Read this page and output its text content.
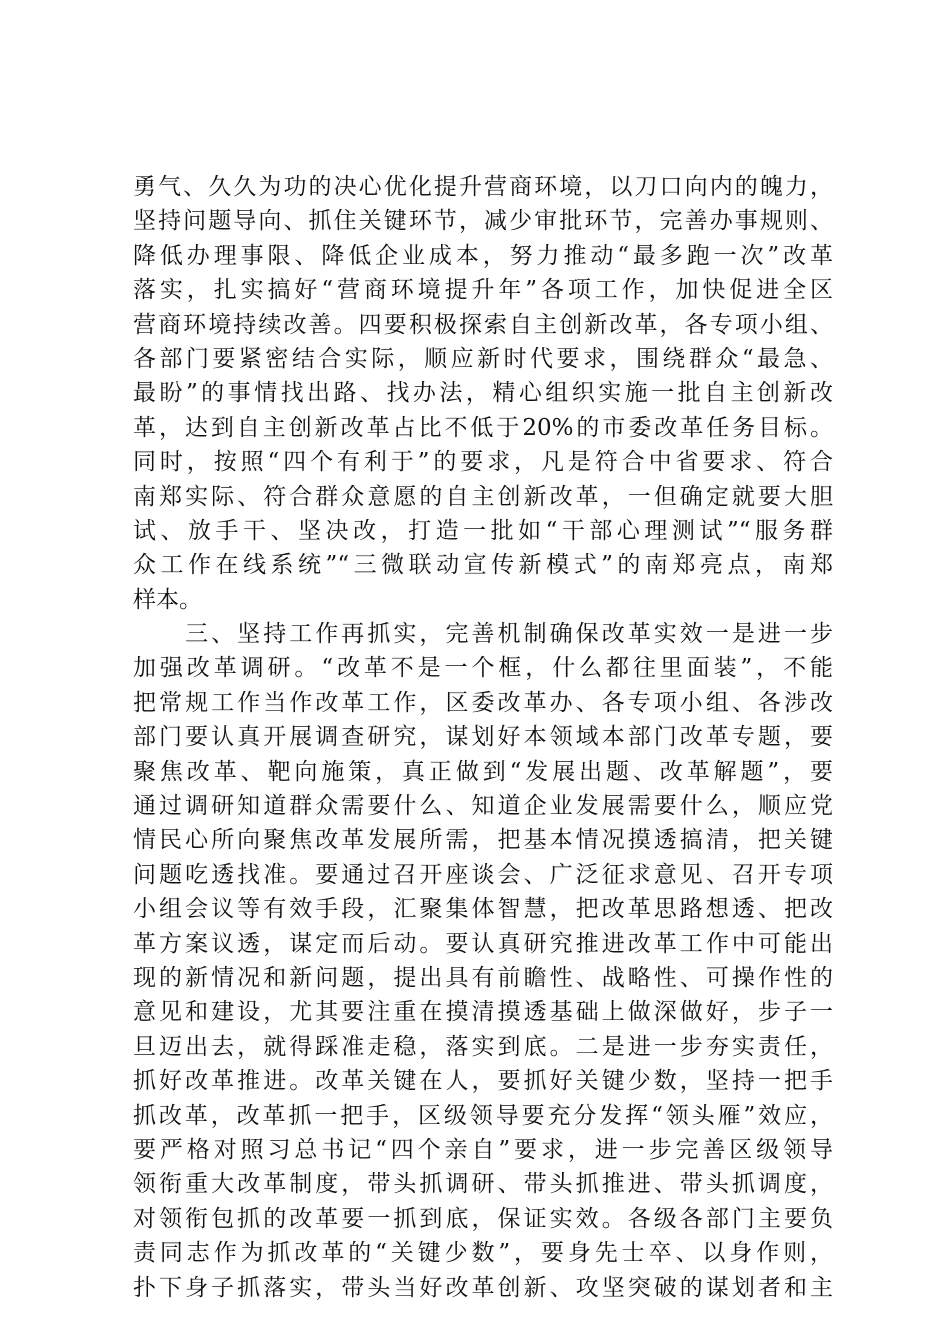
勇气、久久为功的决心优化提升营商环境，以刀口向内的魄力，
坚持问题导向、抓住关键环节，减少审批环节，完善办事规则、
降低办理事限、降低企业成本，努力推动“最多跑一次”改革
落实，扎实搞好“营商环境提升年”各项工作，加快促进全区
营商环境持续改善。四要积极探索自主创新改革，各专项小组、
各部门要紧密结合实际，顺应新时代要求，围绕群众“最急、
最盼”的事情找出路、找办法，精心组织实施一批自主创新改
革，达到自主创新改革占比不低于20%的市委改革任务目标。
同时，按照“四个有利于”的要求，凡是符合中省要求、符合
南郑实际、符合群众意愿的自主创新改革，一但确定就要大胆
试、放手干、坚决改，打造一批如“干部心理测试”“服务群
众工作在线系统”“三微联动宣传新模式”的南郑亮点，南郑
样本。
　　三、坚持工作再抓实，完善机制确保改革实效一是进一步
加强改革调研。“改革不是一个框，什么都往里面装”，不能
把常规工作当作改革工作，区委改革办、各专项小组、各涉改
部门要认真开展调查研究，谋划好本领域本部门改革专题，要
聚焦改革、靶向施策，真正做到“发展出题、改革解题”，要
通过调研知道群众需要什么、知道企业发展需要什么，顺应党
情民心所向聚焦改革发展所需，把基本情况摸透搞清，把关键
问题吃透找准。要通过召开座谈会、广泛征求意见、召开专项
小组会议等有效手段，汇聚集体智慧，把改革思路想透、把改
革方案议透，谋定而后动。要认真研究推进改革工作中可能出
现的新情况和新问题，提出具有前瞻性、战略性、可操作性的
意见和建设，尤其要注重在摸清摸透基础上做深做好，步子一
旦迈出去，就得踩准走稳，落实到底。二是进一步夯实责任，
抓好改革推进。改革关键在人，要抓好关键少数，坚持一把手
抓改革，改革抓一把手，区级领导要充分发挥“领头雁”效应，
要严格对照习总书记“四个亲自”要求，进一步完善区级领导
领衔重大改革制度，带头抓调研、带头抓推进、带头抓调度，
对领衔包抓的改革要一抓到底，保证实效。各级各部门主要负
责同志作为抓改革的“关键少数”，要身先士卒、以身作则，
扑下身子抓落实，带头当好改革创新、攻坚突破的谋划者和主
